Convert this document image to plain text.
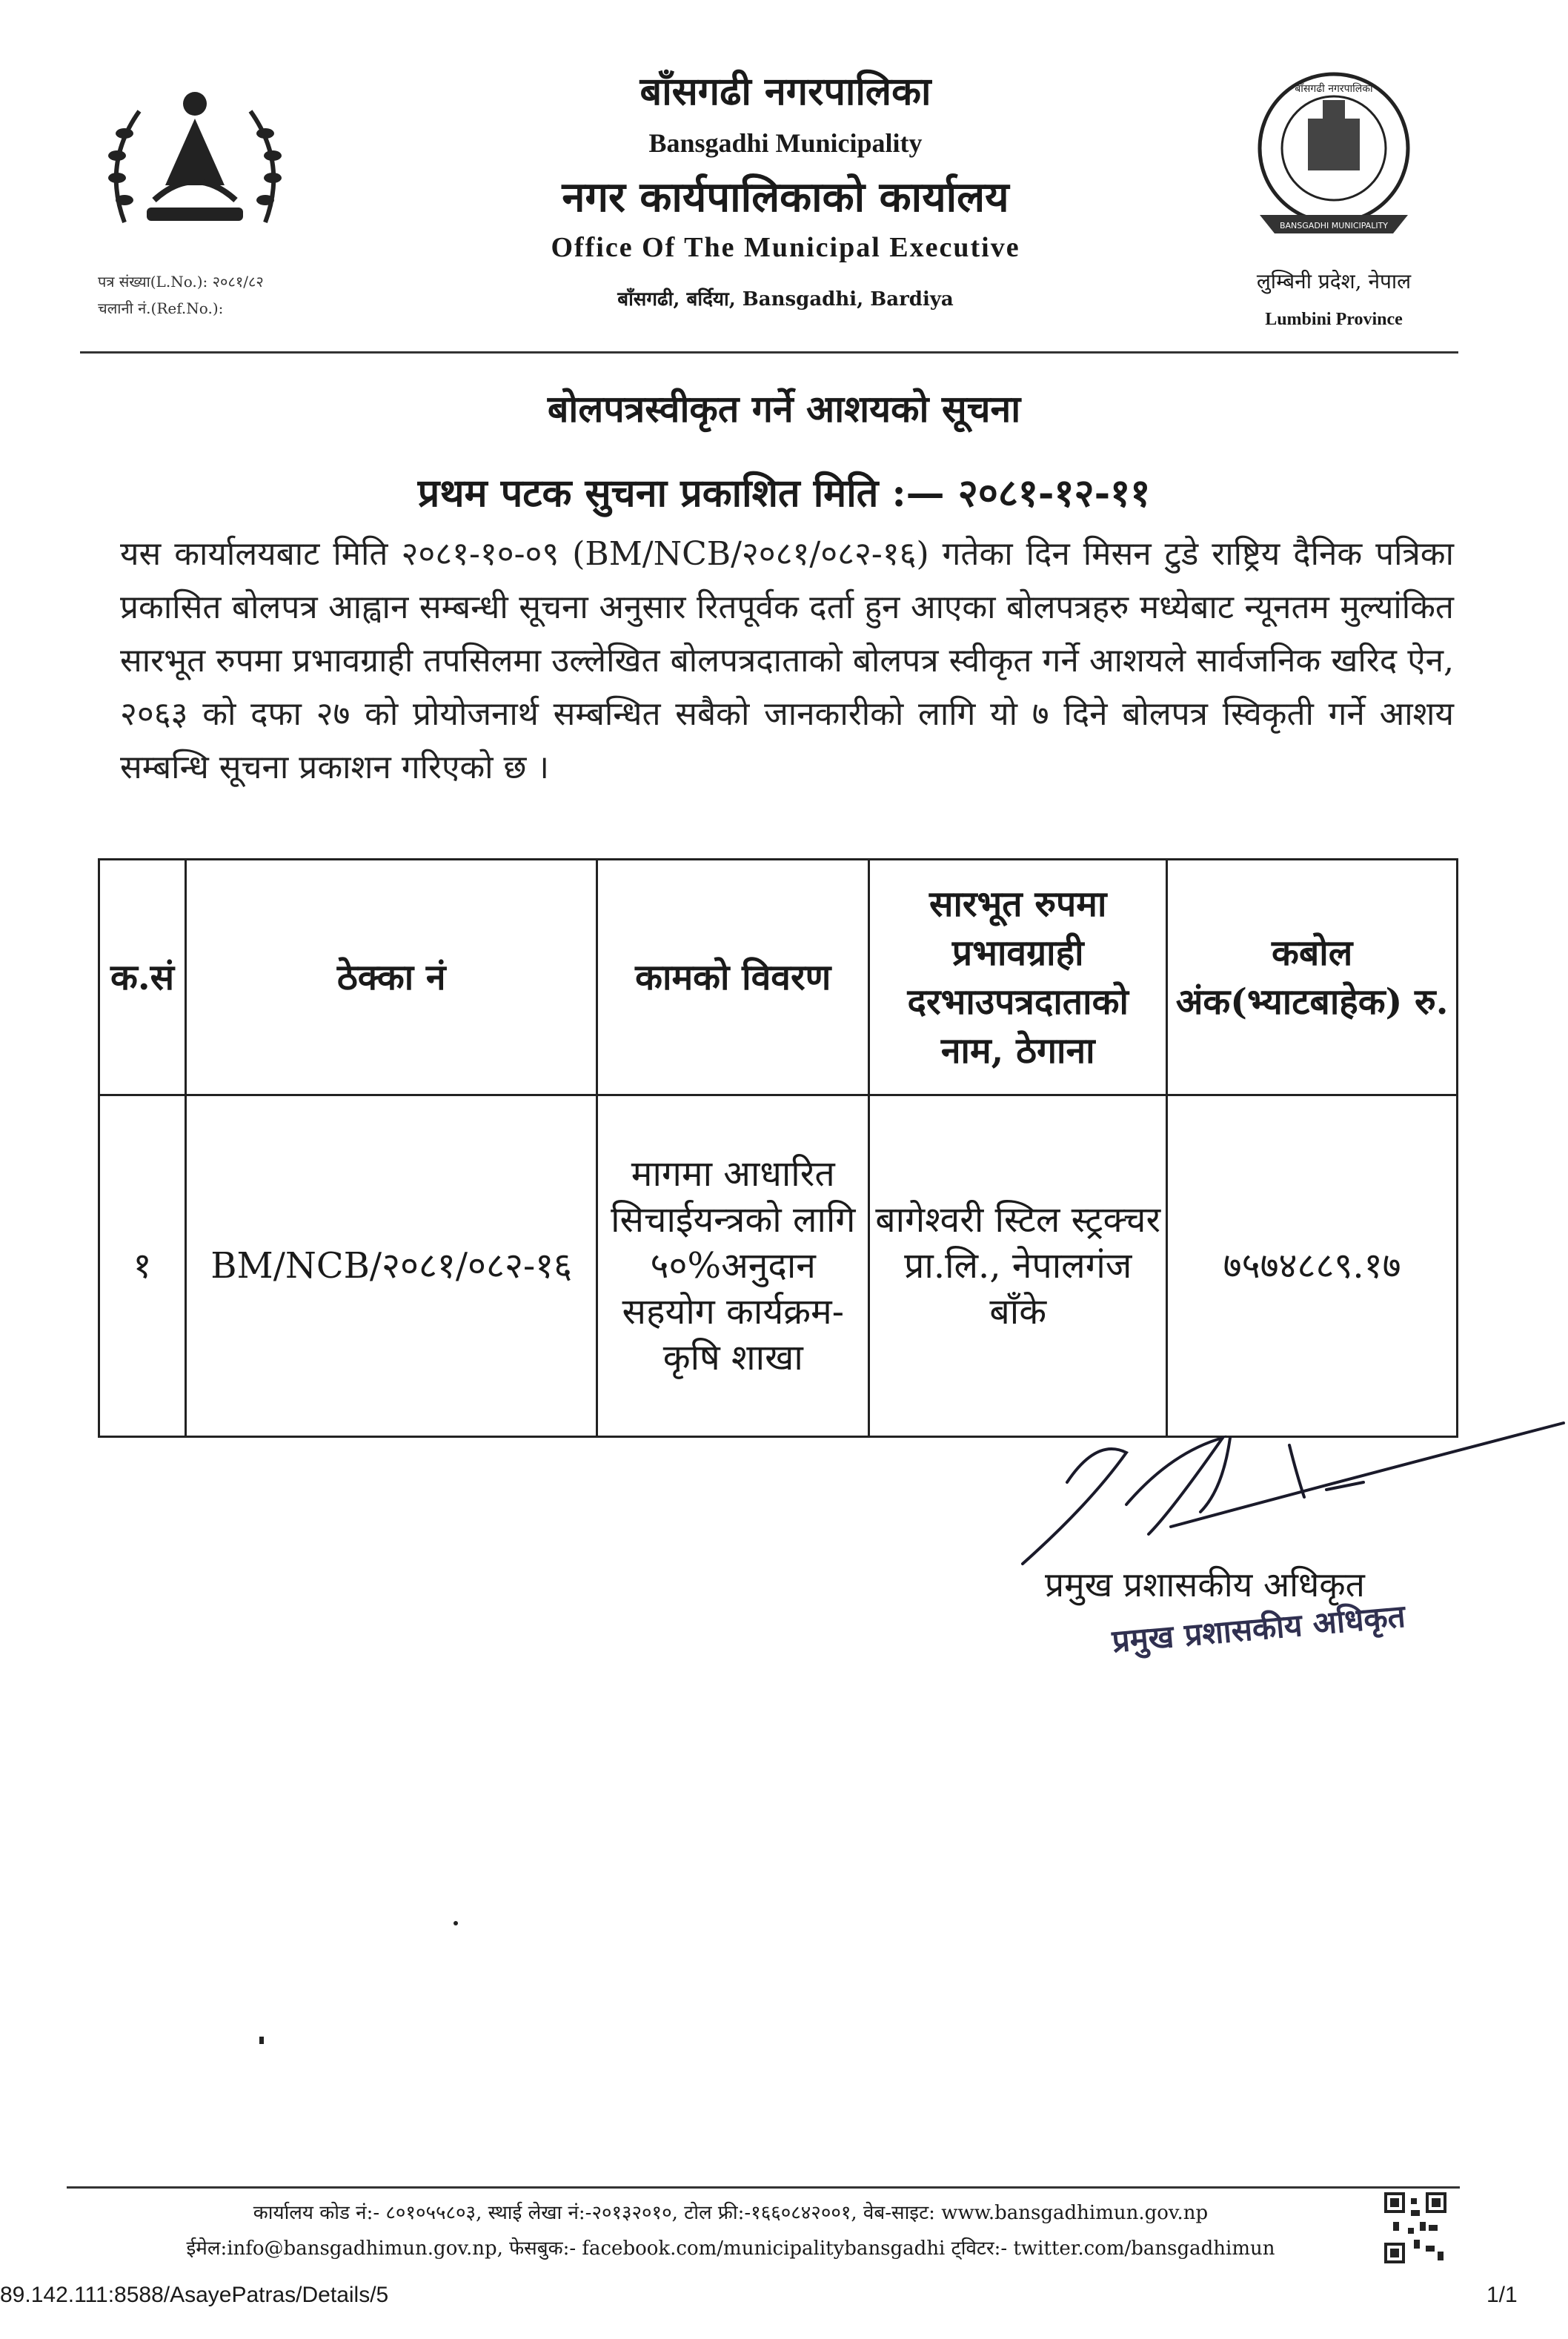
बाँसगढी नगरपालिका
Bansgadhi Municipality
नगर कार्यपालिकाको कार्यालय
Office Of The Municipal Executive
बाँसगढी, बर्दिया, Bansgadhi, Bardiya
पत्र संख्या(L.No.): २०८१/८२
चलानी नं.(Ref.No.):
BANSGADHI MUNICIPALITY
बाँसगढी नगरपालिका
लुम्बिनी प्रदेश, नेपाल
Lumbini Province
बोलपत्रस्वीकृत गर्ने आशयको सूचना
प्रथम पटक सुचना प्रकाशित मिति :— २०८१-१२-११
यस कार्यालयबाट मिति २०८१-१०-०९ (BM/NCB/२०८१/०८२-१६) गतेका दिन मिसन टुडे राष्ट्रिय दैनिक पत्रिका प्रकासित बोलपत्र आह्वान सम्बन्धी सूचना अनुसार रितपूर्वक दर्ता हुन आएका बोलपत्रहरु मध्येबाट न्यूनतम मुल्यांकित सारभूत रुपमा प्रभावग्राही तपसिलमा उल्लेखित बोलपत्रदाताको बोलपत्र स्वीकृत गर्ने आशयले सार्वजनिक खरिद ऐन, २०६३ को दफा २७ को प्रोयोजनार्थ सम्बन्धित सबैको जानकारीको लागि यो ७ दिने बोलपत्र स्विकृती गर्ने आशय सम्बन्धि सूचना प्रकाशन गरिएको छ ।
क.सं	ठेक्का नं	कामको विवरण	सारभूत रुपमा प्रभावग्राही दरभाउपत्रदाताको नाम, ठेगाना	कबोल अंक(भ्याटबाहेक) रु.
१	BM/NCB/२०८१/०८२-१६	मागमा आधारित सिचाईयन्त्रको लागि ५०%अनुदान सहयोग कार्यक्रम- कृषि शाखा	बागेश्वरी स्टिल स्ट्रक्चर प्रा.लि., नेपालगंज बाँके	७५७४८८९.१७
प्रमुख प्रशासकीय अधिकृत
प्रमुख प्रशासकीय अधिकृत
कार्यालय कोड नं:- ८०१०५५८०३, स्थाई लेखा नं:-२०१३२०१०, टोल फ्री:-१६६०८४२००१, वेब-साइट: www.bansgadhimun.gov.np
ईमेल:info@bansgadhimun.gov.np, फेसबुक:- facebook.com/municipalitybansgadhi ट्विटर:- twitter.com/bansgadhimun
89.142.111:8588/AsayePatras/Details/5	1/1
